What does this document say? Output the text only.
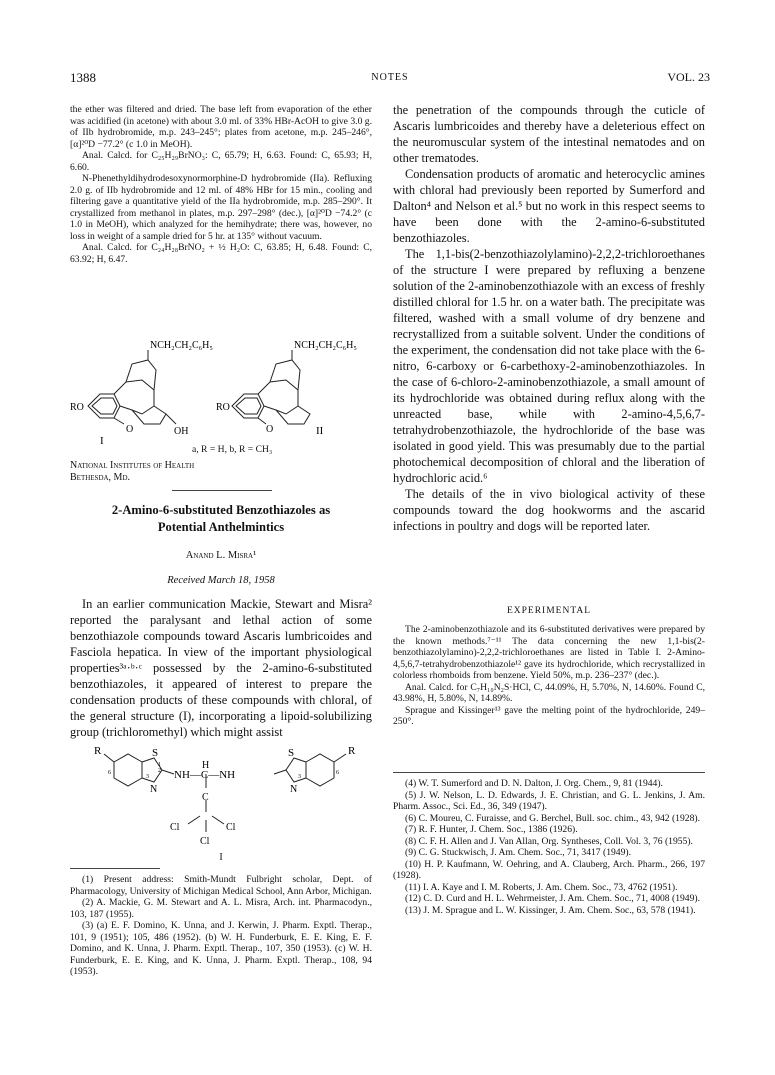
1388	NOTES	VOL. 23

the ether was filtered and dried. The base left from evaporation of the ether was acidified (in acetone) with about 3.0 ml. of 33% HBr-AcOH to give 3.0 g. of IIb hydrobromide, m.p. 243–245°; plates from acetone, m.p. 245–246°, [α]²⁰D −77.2° (c 1.0 in MeOH).

Anal. Calcd. for C₂₅H₂₉BrNO₃: C, 65.79; H, 6.63. Found: C, 65.93; H, 6.60.

N-Phenethyldihydrodesoxynormorphine-D hydrobromide (IIa). Refluxing 2.0 g. of IIb hydrobromide and 12 ml. of 48% HBr for 15 min., cooling and filtering gave a quantitative yield of the IIa hydrobromide, m.p. 285–290°. It crystallized from methanol in plates, m.p. 297–298° (dec.), [α]²⁰D −74.2° (c 1.0 in MeOH), which analyzed for the hemihydrate; there was, however, no loss in weight of a sample dried for 5 hr. at 135° without vacuum.

Anal. Calcd. for C₂₄H₂₈BrNO₂ + ½ H₂O: C, 63.85; H, 6.48. Found: C, 63.92; H, 6.47.

NCH₂CH₂C₆H₅
RO
O	OH
I
NCH₂CH₂C₆H₅
RO
O	II
a, R = H, b, R = CH₃
National Institutes of Health
Bethesda, Md.
2-Amino-6-substituted Benzothiazoles as
Potential Anthelmintics
Anand L. Misra¹
Received March 18, 1958

In an earlier communication Mackie, Stewart and Misra² reported the paralysant and lethal action of some benzothiazole compounds toward Ascaris lumbricoides and Fasciola hepatica. In view of the important physiological properties³ᵃ·ᵇ·ᶜ possessed by the 2-amino-6-substituted benzothiazoles, it appeared of interest to prepare the condensation products of these compounds with chloral, of the general structure (I), incorporating a lipoid-solubilizing group (trichloromethyl) which might assist

R	R
S	S
H
NH—C—NH
N	N
C
Cl	Cl
Cl
6
3
2
1
3
6
I

(1) Present address: Smith-Mundt Fulbright scholar, Dept. of Pharmacology, University of Michigan Medical School, Ann Arbor, Michigan.

(2) A. Mackie, G. M. Stewart and A. L. Misra, Arch. int. Pharmacodyn., 103, 187 (1955).

(3) (a) E. F. Domino, K. Unna, and J. Kerwin, J. Pharm. Exptl. Therap., 101, 9 (1951); 105, 486 (1952). (b) W. H. Funderburk, E. E. King, E. F. Domino, and K. Unna, J. Pharm. Exptl. Therap., 107, 350 (1953). (c) W. H. Funderburk, E. E. King, and K. Unna, J. Pharm. Exptl. Therap., 108, 94 (1953).

the penetration of the compounds through the cuticle of Ascaris lumbricoides and thereby have a deleterious effect on the neuromuscular system of the intestinal nematodes and on other trematodes.

Condensation products of aromatic and heterocyclic amines with chloral had previously been reported by Sumerford and Dalton⁴ and Nelson et al.⁵ but no work in this respect seems to have been done with the 2-amino-6-substituted benzothiazoles.

The 1,1-bis(2-benzothiazolylamino)-2,2,2-trichloroethanes of the structure I were prepared by refluxing a benzene solution of the 2-aminobenzothiazole with an excess of freshly distilled chloral for 1.5 hr. on a water bath. The precipitate was filtered, washed with a small volume of dry benzene and recrystallized from a suitable solvent. Under the conditions of the experiment, the condensation did not take place with the 6-nitro, 6-carboxy or 6-carbethoxy-2-aminobenzothiazoles. In the case of 6-chloro-2-aminobenzothiazole, a small amount of its hydrochloride was obtained during reflux along with the unreacted base, while with 2-amino-4,5,6,7-tetrahydrobenzothiazole, the hydrochloride of the base was isolated in good yield. This was presumably due to the partial photochemical decomposition of chloral and the liberation of hydrochloric acid.⁶

The details of the in vivo biological activity of these compounds toward the dog hookworms and the ascarid infections in poultry and dogs will be reported later.

EXPERIMENTAL

The 2-aminobenzothiazole and its 6-substituted derivatives were prepared by the known methods.⁷⁻¹¹ The data concerning the new 1,1-bis(2-benzothiazolylamino)-2,2,2-trichloroethanes are listed in Table I. 2-Amino-4,5,6,7-tetrahydrobenzothiazole¹² gave its hydrochloride, which recrystallized in colorless rhomboids from benzene. Yield 50%, m.p. 236–237° (dec.).

Anal. Calcd. for C₇H₁₀N₂S·HCl, C, 44.09%, H, 5.70%, N, 14.60%. Found C, 43.98%, H, 5.80%, N, 14.89%.

Sprague and Kissinger¹³ gave the melting point of the hydrochloride, 249–250°.

(4) W. T. Sumerford and D. N. Dalton, J. Org. Chem., 9, 81 (1944).

(5) J. W. Nelson, L. D. Edwards, J. E. Christian, and G. L. Jenkins, J. Am. Pharm. Assoc., Sci. Ed., 36, 349 (1947).

(6) C. Moureu, C. Furaisse, and G. Berchel, Bull. soc. chim., 43, 942 (1928).

(7) R. F. Hunter, J. Chem. Soc., 1386 (1926).

(8) C. F. H. Allen and J. Van Allan, Org. Syntheses, Coll. Vol. 3, 76 (1955).

(9) C. G. Stuckwisch, J. Am. Chem. Soc., 71, 3417 (1949).

(10) H. P. Kaufmann, W. Oehring, and A. Clauberg, Arch. Pharm., 266, 197 (1928).

(11) I. A. Kaye and I. M. Roberts, J. Am. Chem. Soc., 73, 4762 (1951).

(12) C. D. Curd and H. L. Wehrmeister, J. Am. Chem. Soc., 71, 4008 (1949).

(13) J. M. Sprague and L. W. Kissinger, J. Am. Chem. Soc., 63, 578 (1941).
